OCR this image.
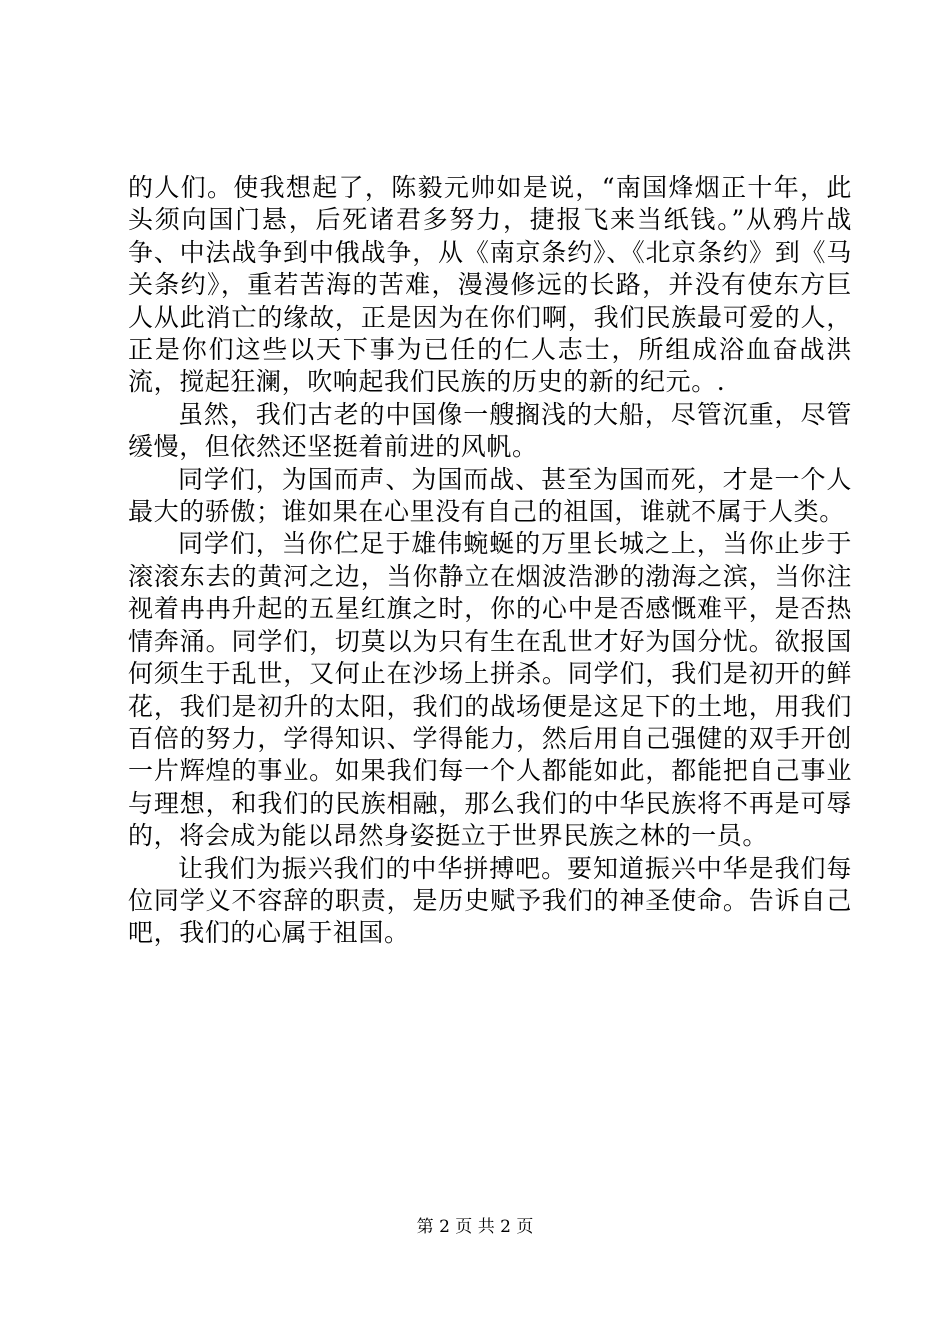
的人们。使我想起了，陈毅元帅如是说，“南国烽烟正十年，此头须向国门悬，后死诸君多努力，捷报飞来当纸钱。”从鸦片战争、中法战争到中俄战争，从《南京条约》、《北京条约》到《马关条约》，重若苦海的苦难，漫漫修远的长路，并没有使东方巨人从此消亡的缘故，正是因为在你们啊，我们民族最可爱的人，正是你们这些以天下事为已任的仁人志士，所组成浴血奋战洪流，搅起狂澜，吹响起我们民族的历史的新的纪元。.

虽然，我们古老的中国像一艘搁浅的大船，尽管沉重，尽管缓慢，但依然还坚挺着前进的风帆。

同学们，为国而声、为国而战、甚至为国而死，才是一个人最大的骄傲；谁如果在心里没有自己的祖国，谁就不属于人类。

同学们，当你伫足于雄伟蜿蜒的万里长城之上，当你止步于滚滚东去的黄河之边，当你静立在烟波浩渺的渤海之滨，当你注视着冉冉升起的五星红旗之时，你的心中是否感慨难平，是否热情奔涌。同学们，切莫以为只有生在乱世才好为国分忧。欲报国何须生于乱世，又何止在沙场上拼杀。同学们，我们是初开的鲜花，我们是初升的太阳，我们的战场便是这足下的土地，用我们百倍的努力，学得知识、学得能力，然后用自己强健的双手开创一片辉煌的事业。如果我们每一个人都能如此，都能把自己事业与理想，和我们的民族相融，那么我们的中华民族将不再是可辱的，将会成为能以昂然身姿挺立于世界民族之林的一员。

让我们为振兴我们的中华拼搏吧。要知道振兴中华是我们每位同学义不容辞的职责，是历史赋予我们的神圣使命。告诉自己吧，我们的心属于祖国。

第 2 页 共 2 页
